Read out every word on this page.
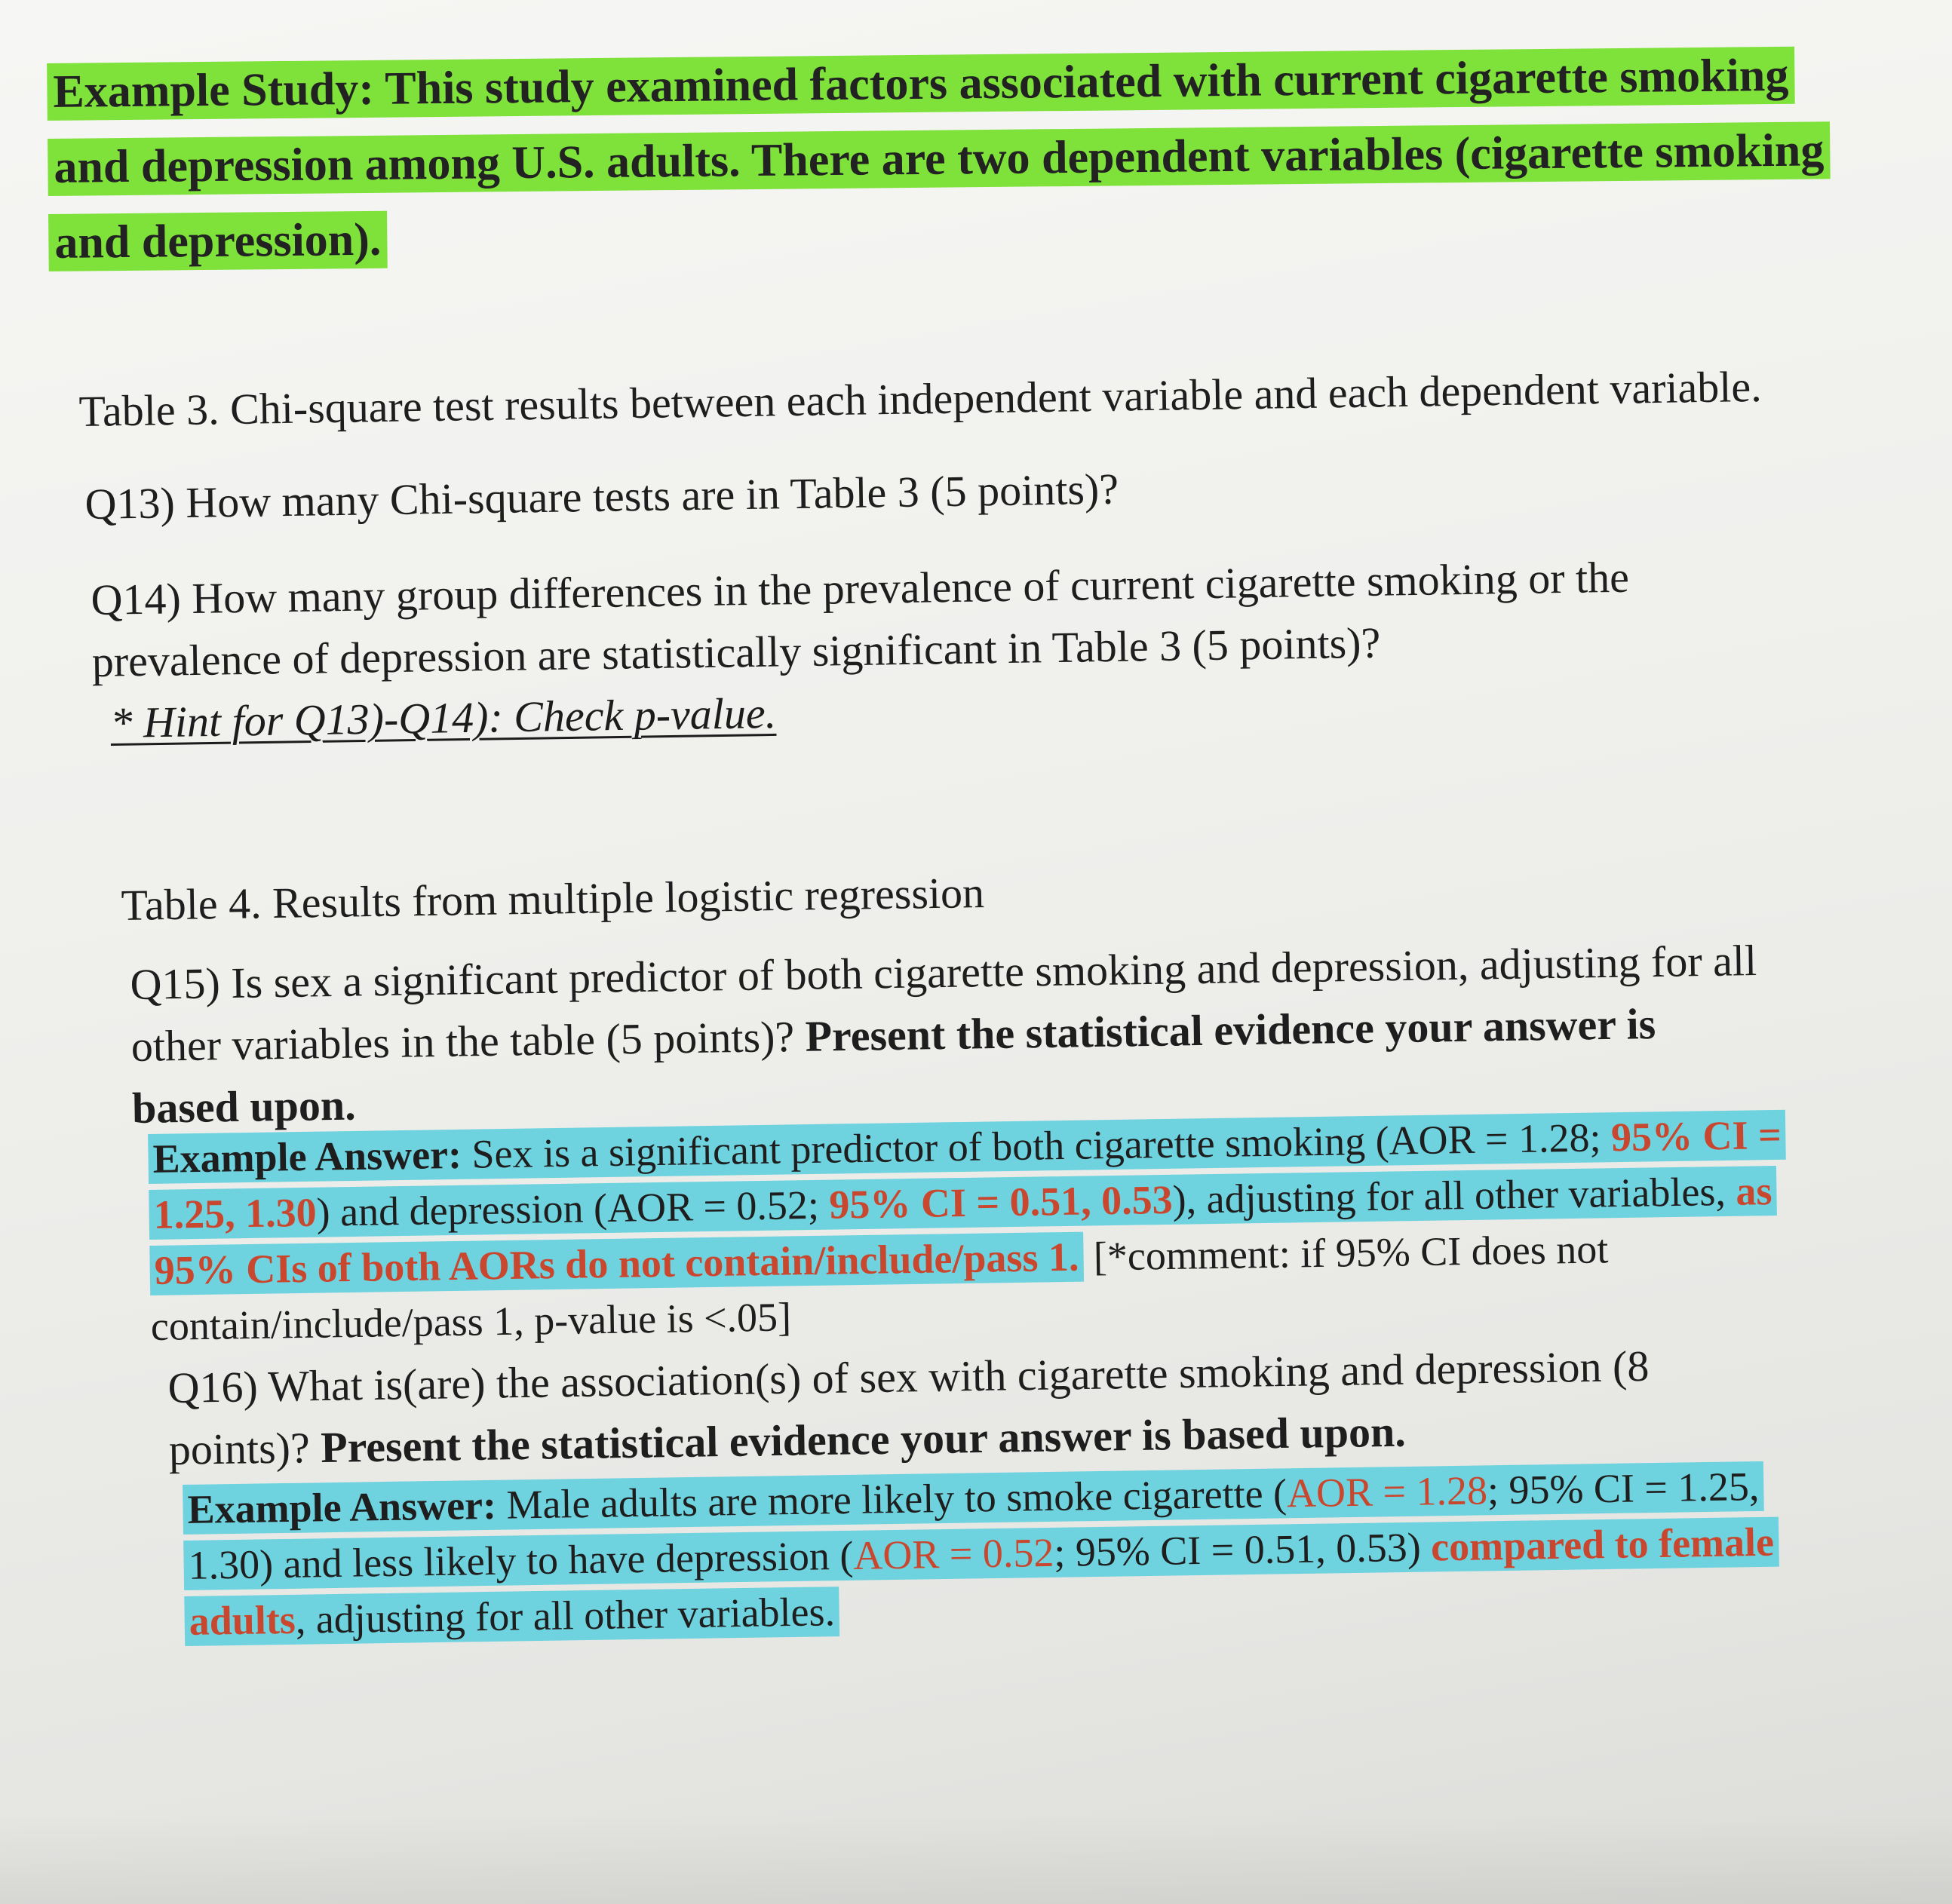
Example Study: This study examined factors associated with current cigarette smoking and depression among U.S. adults. There are two dependent variables (cigarette smoking and depression).
Table 3. Chi-square test results between each independent variable and each dependent variable.
Q13) How many Chi-square tests are in Table 3 (5 points)?
Q14) How many group differences in the prevalence of current cigarette smoking or the prevalence of depression are statistically significant in Table 3 (5 points)?
* Hint for Q13)-Q14): Check p-value.
Table 4. Results from multiple logistic regression
Q15) Is sex a significant predictor of both cigarette smoking and depression, adjusting for all other variables in the table (5 points)? Present the statistical evidence your answer is based upon.
Example Answer: Sex is a significant predictor of both cigarette smoking (AOR = 1.28; 95% CI = 1.25, 1.30) and depression (AOR = 0.52; 95% CI = 0.51, 0.53), adjusting for all other variables, as 95% CIs of both AORs do not contain/include/pass 1. [*comment: if 95% CI does not contain/include/pass 1, p-value is <.05]
Q16) What is(are) the association(s) of sex with cigarette smoking and depression (8 points)? Present the statistical evidence your answer is based upon.
Example Answer: Male adults are more likely to smoke cigarette (AOR = 1.28; 95% CI = 1.25, 1.30) and less likely to have depression (AOR = 0.52; 95% CI = 0.51, 0.53) compared to female adults, adjusting for all other variables.
